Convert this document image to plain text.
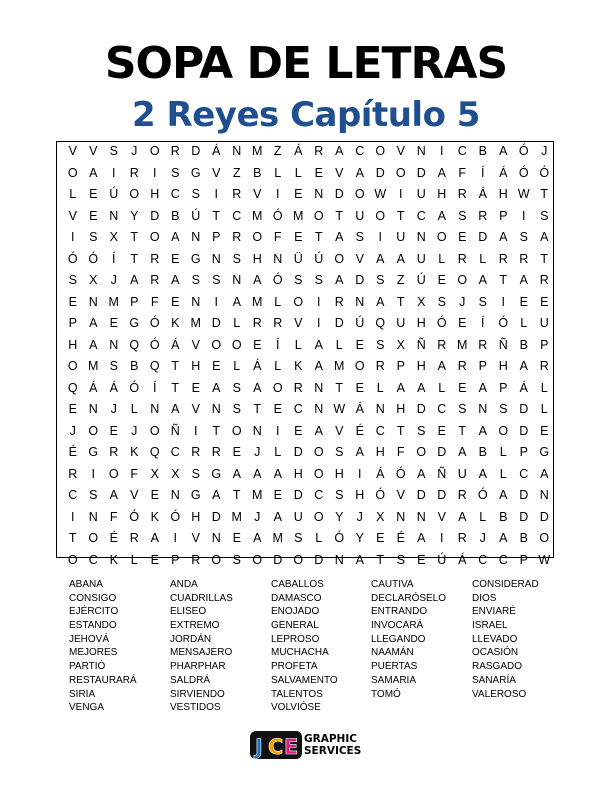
SOPA DE LETRAS
2 Reyes Capítulo 5
V V S	J O R D Á N M Z Á R A C O V N	I	C B A Ó J
O A	I	R	I	S G V Z B L	L E V A D O D A F	Í	Á Ó Ó
L E Ú O H C S	I	R V	I	E N D O W I	U H R Á H W T
V E N Y D B Ú T C M Ó M O T U O T C A S R P	I	S
I	S X T O A N P R O F E T A S	I	U N O E D A S A
Ó Ó	Í	T R E G N S H N Ü Ú O V A A U L R L R R T
S X	J	A R A S S N A Ó S S A D S Z Ú E O A T A R
E N M P F E N	I	A M L O	I	R N A T X S	J	S	I	E E
P A E G Ó K M D L R R V	I	D Ú Q U H Ó E	Í	Ó L U
H A N Q Ó Á V O O E	Í	L A L E S X Ñ R M R Ñ B P
O M S B Q T H E L Á L K A M O R P H A R P H A R
Q Á Á Ó	Í	T E A S A O R N T E L A A L E A P Á L
E N J	L N A V N S T E C N W Á N H D C S N S D L
J O E	J O Ñ	I	T O N	I	E A V É C T S E T A O D E
É G R K Q C R R E	J	L D O S A H F O D A B L P G
R	I	O F X X S G A A A H O H	I	Á Ó A Ñ U A L C A
C S A V E N G A T M E D C S H Ó V D D R Ó A D N
I	N F Ó K Ó H D M J	A U O Y	J	X N N V A L B D D
T O É R A	I	V N E A M S L Ó Y E É A	I	R J	A B O
O C K L E P R O S O D O D N A T S E Ú Á C C P W
ABANA
CONSIGO
EJÉRCITO
ESTANDO
JEHOVÁ
MEJORES
PARTIÓ
RESTAURARÁ
SIRIA
VENGA
ANDA
CUADRILLAS
ELISEO
EXTREMO
JORDÁN
MENSAJERO
PHARPHAR
SALDRÁ
SIRVIENDO
VESTIDOS
CABALLOS
DAMASCO
ENOJADO
GENERAL
LEPROSO
MUCHACHA
PROFETA
SALVAMENTO
TALENTOS
VOLVIÓSE
CAUTIVA
DECLARÓSELO
ENTRANDO
INVOCARÁ
LLEGANDO
NAAMÁN
PUERTAS
SAMARIA
TOMÓ
CONSIDERAD
DIOS
ENVIARÉ
ISRAEL
LLEVADO
OCASIÓN
RASGADO
SANARÍA
VALEROSO
J C E GRAPHIC
SERVICES
